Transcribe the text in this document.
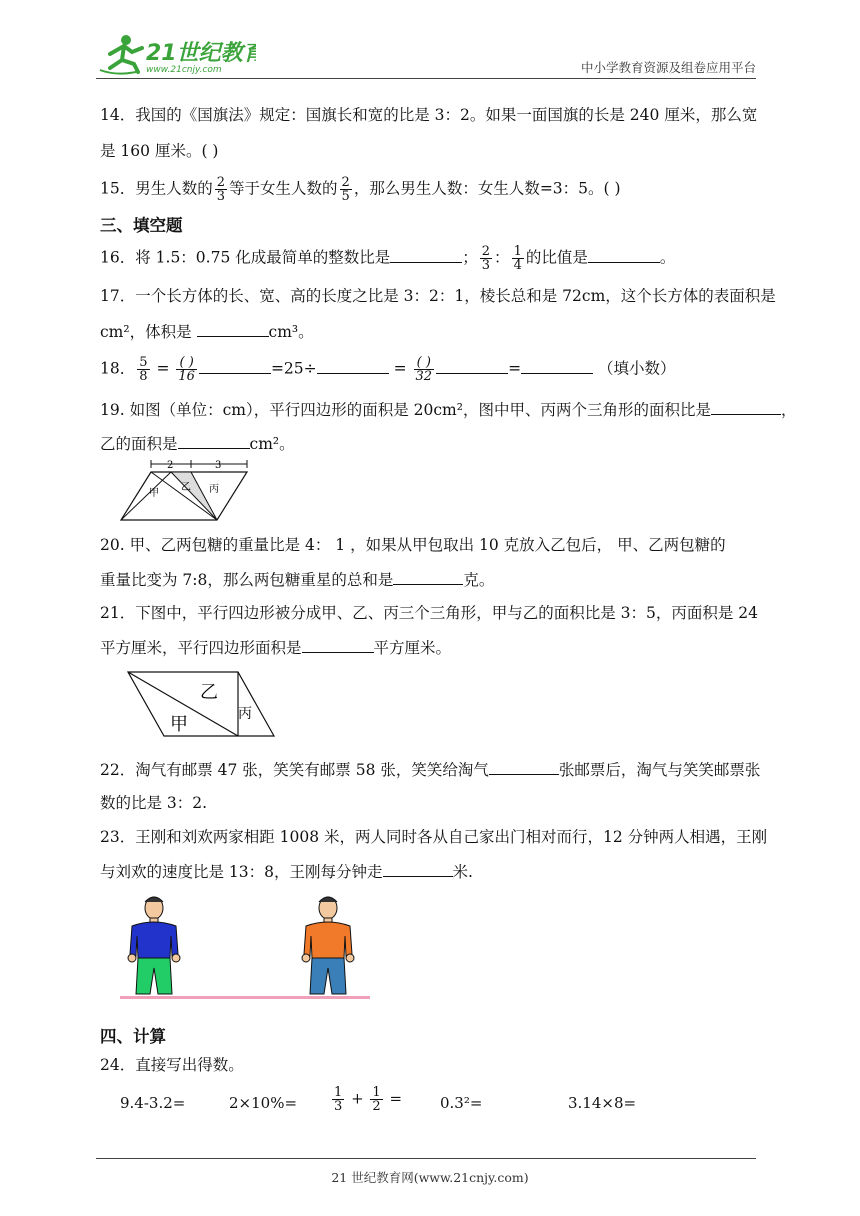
21世纪教育
www.21cnjy.com	中小学教育资源及组卷应用平台
14．我国的《国旗法》规定：国旗长和宽的比是 3：2。如果一面国旗的长是 240 厘米，那么宽
是 160 厘米。( )
15．男生人数的 $\frac{2}{3}$ 等于女生人数的 $\frac{2}{5}$ ，那么男生人数：女生人数=3：5。( )
三、填空题
16．将 1.5：0.75 化成最简单的整数比是	； $\frac{2}{3}$ ： $\frac{1}{4}$ 的比值是	。
17．一个长方体的长、宽、高的长度之比是 3：2：1，棱长总和是 72cm，这个长方体的表面积是
cm²，体积是	cm³。
18． $\frac{5}{8} = \frac{( )}{16}$	=25÷	= $\frac{( )}{32}$	=	（填小数）
19. 如图（单位：cm），平行四边形的面积是 20cm²，图中甲、丙两个三角形的面积比是	，
乙的面积是	cm²。
2	3
甲
乙 丙
20. 甲、乙两包糖的重量比是 4： 1 ，如果从甲包取出 10 克放入乙包后， 甲、乙两包糖的
重量比变为 7:8，那么两包糖重星的总和是	克。
21．下图中，平行四边形被分成甲、乙、丙三个三角形，甲与乙的面积比是 3：5，丙面积是 24
平方厘米，平行四边形面积是	平方厘米。
甲
乙
丙
22．淘气有邮票 47 张，笑笑有邮票 58 张，笑笑给淘气	张邮票后，淘气与笑笑邮票张
数的比是 3：2.
23．王刚和刘欢两家相距 1008 米，两人同时各从自己家出门相对而行，12 分钟两人相遇，王刚
与刘欢的速度比是 13：8，王刚每分钟走	米.
四、计算
24．直接写出得数。
9.4-3.2=	2×10%=	$\frac{1}{3} + \frac{1}{2}$ =	0.3²=	3.14×8=
21 世纪教育网(www.21cnjy.com)
